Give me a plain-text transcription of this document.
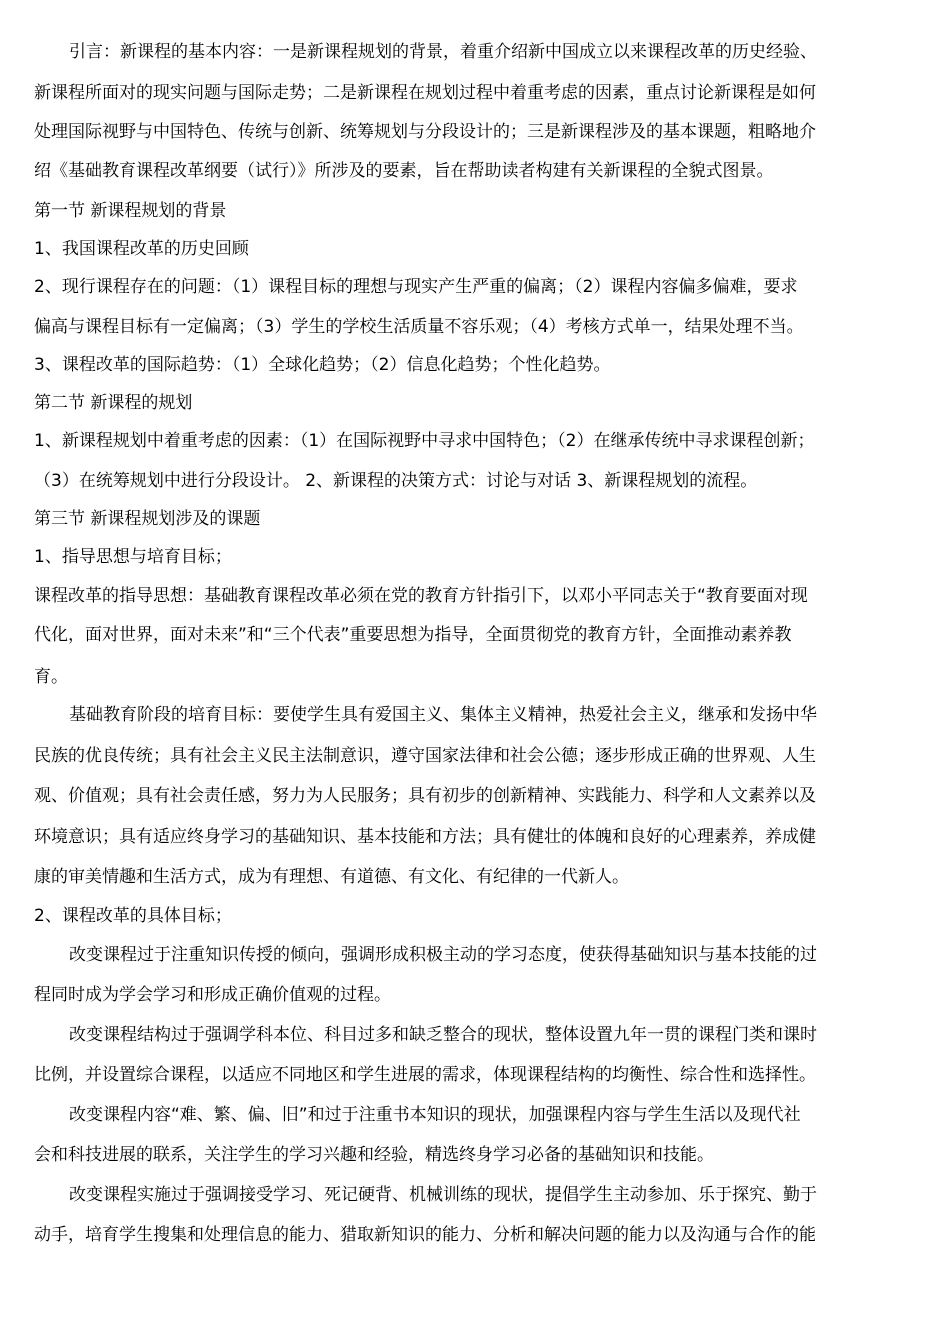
引言：新课程的基本内容：一是新课程规划的背景，着重介绍新中国成立以来课程改革的历史经验、
新课程所面对的现实问题与国际走势；二是新课程在规划过程中着重考虑的因素，重点讨论新课程是如何
处理国际视野与中国特色、传统与创新、统筹规划与分段设计的；三是新课程涉及的基本课题，粗略地介
绍《基础教育课程改革纲要（试行）》所涉及的要素，旨在帮助读者构建有关新课程的全貌式图景。
第一节 新课程规划的背景
1、我国课程改革的历史回顾
2、现行课程存在的问题：（1）课程目标的理想与现实产生严重的偏离；（2）课程内容偏多偏难，要求
偏高与课程目标有一定偏离；（3）学生的学校生活质量不容乐观；（4）考核方式单一，结果处理不当。
3、课程改革的国际趋势：（1）全球化趋势；（2）信息化趋势；个性化趋势。
第二节 新课程的规划
1、新课程规划中着重考虑的因素：（1）在国际视野中寻求中国特色；（2）在继承传统中寻求课程创新；
（3）在统筹规划中进行分段设计。 2、新课程的决策方式：讨论与对话 3、新课程规划的流程。
第三节 新课程规划涉及的课题
1、指导思想与培育目标；
课程改革的指导思想：基础教育课程改革必须在党的教育方针指引下，以邓小平同志关于“教育要面对现
代化，面对世界，面对未来”和“三个代表”重要思想为指导，全面贯彻党的教育方针，全面推动素养教
育。
基础教育阶段的培育目标：要使学生具有爱国主义、集体主义精神，热爱社会主义，继承和发扬中华
民族的优良传统；具有社会主义民主法制意识，遵守国家法律和社会公德；逐步形成正确的世界观、人生
观、价值观；具有社会责任感，努力为人民服务；具有初步的创新精神、实践能力、科学和人文素养以及
环境意识；具有适应终身学习的基础知识、基本技能和方法；具有健壮的体魄和良好的心理素养，养成健
康的审美情趣和生活方式，成为有理想、有道德、有文化、有纪律的一代新人。
2、课程改革的具体目标；
改变课程过于注重知识传授的倾向，强调形成积极主动的学习态度，使获得基础知识与基本技能的过
程同时成为学会学习和形成正确价值观的过程。
改变课程结构过于强调学科本位、科目过多和缺乏整合的现状，整体设置九年一贯的课程门类和课时
比例，并设置综合课程，以适应不同地区和学生进展的需求，体现课程结构的均衡性、综合性和选择性。
改变课程内容“难、繁、偏、旧”和过于注重书本知识的现状，加强课程内容与学生生活以及现代社
会和科技进展的联系，关注学生的学习兴趣和经验，精选终身学习必备的基础知识和技能。
改变课程实施过于强调接受学习、死记硬背、机械训练的现状，提倡学生主动参加、乐于探究、勤于
动手，培育学生搜集和处理信息的能力、猎取新知识的能力、分析和解决问题的能力以及沟通与合作的能
